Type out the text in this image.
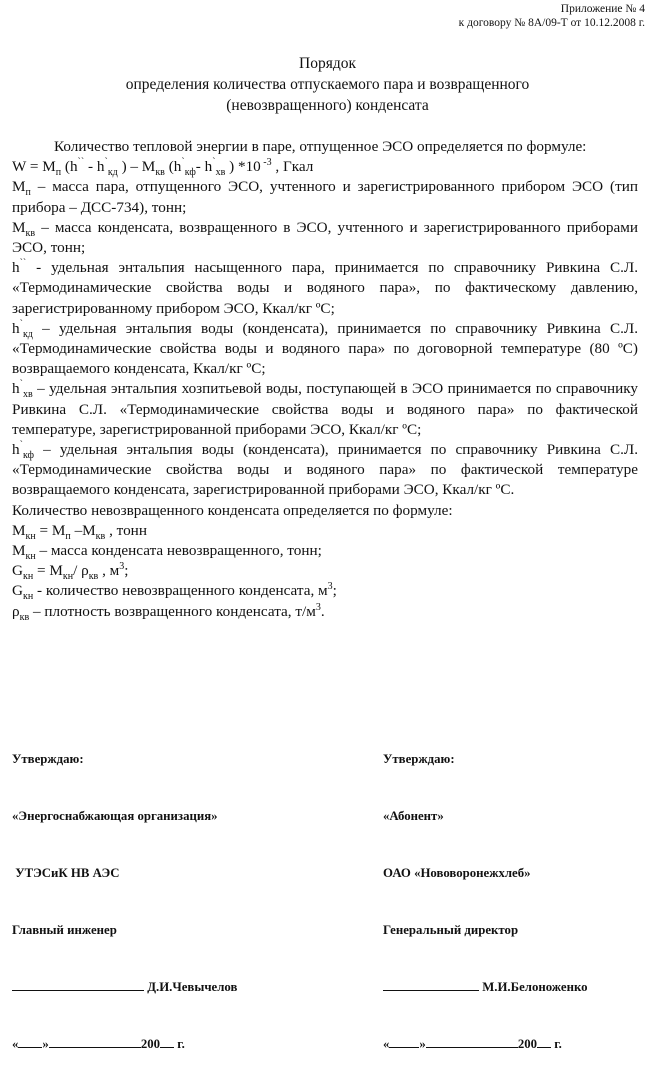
Приложение № 4
к договору № 8А/09-Т от 10.12.2008 г.
Порядок
определения количества отпускаемого пара и возвращенного
(невозвращенного) конденсата

Количество тепловой энергии в паре, отпущенное ЭСО определяется по формуле:

$W = M_п$ ($h^{``} - h^`_{кд}$ ) – $M_{кв}$ ($h^`_{кф}-$ $h^`_{хв}$ ) *10 $^{-3}$ , Гкал

$М_п$ – масса пара, отпущенного ЭСО, учтенного и зарегистрированного прибором ЭСО (тип прибора – ДСС-734), тонн;

$М_{кв}$ – масса конденсата, возвращенного в ЭСО, учтенного и зарегистрированного приборами ЭСО, тонн;

h`` - удельная энтальпия насыщенного пара, принимается по справочнику Ривкина С.Л. «Термодинамические свойства воды и водяного пара», по фактическому давлению, зарегистрированному прибором ЭСО, Ккал/кг ºС;

$h^`_{кд}$ – удельная энтальпия воды (конденсата), принимается по справочнику Ривкина С.Л. «Термодинамические свойства воды и водяного пара» по договорной температуре (80 ºС) возвращаемого конденсата, Ккал/кг ºС;

$h^`_{хв}$ – удельная энтальпия хозпитьевой воды, поступающей в ЭСО принимается по справочнику Ривкина С.Л. «Термодинамические свойства воды и водяного пара» по фактической температуре, зарегистрированной приборами ЭСО, Ккал/кг ºС;

$h^`_{кф}$ – удельная энтальпия воды (конденсата), принимается по справочнику Ривкина С.Л. «Термодинамические свойства воды и водяного пара» по фактической температуре возвращаемого конденсата, зарегистрированной приборами ЭСО, Ккал/кг ºС.

Количество невозвращенного конденсата определяется по формуле:

$М_{кн} = М_п$ $-М_{кв}$ , тонн

$М_{кн}$ – масса конденсата невозвращенного, тонн;

$G_{кн} = M_{кн}/$ $\rho_{кв}$ , $м^3$;

$G_{кн}$ - количество невозвращенного конденсата, $м^3$;

$\rho_{кв}$ – плотность возвращенного конденсата, $т/м^3$.

Утверждаю:

«Энергоснабжающая организация»

УТЭСиК НВ АЭС

Главный инженер

Д.И.Чевычелов

« »	200 г.

Утверждаю:

«Абонент»

ОАО «Нововоронежхлеб»

Генеральный директор

М.И.Белоноженко

« »	200 г.
